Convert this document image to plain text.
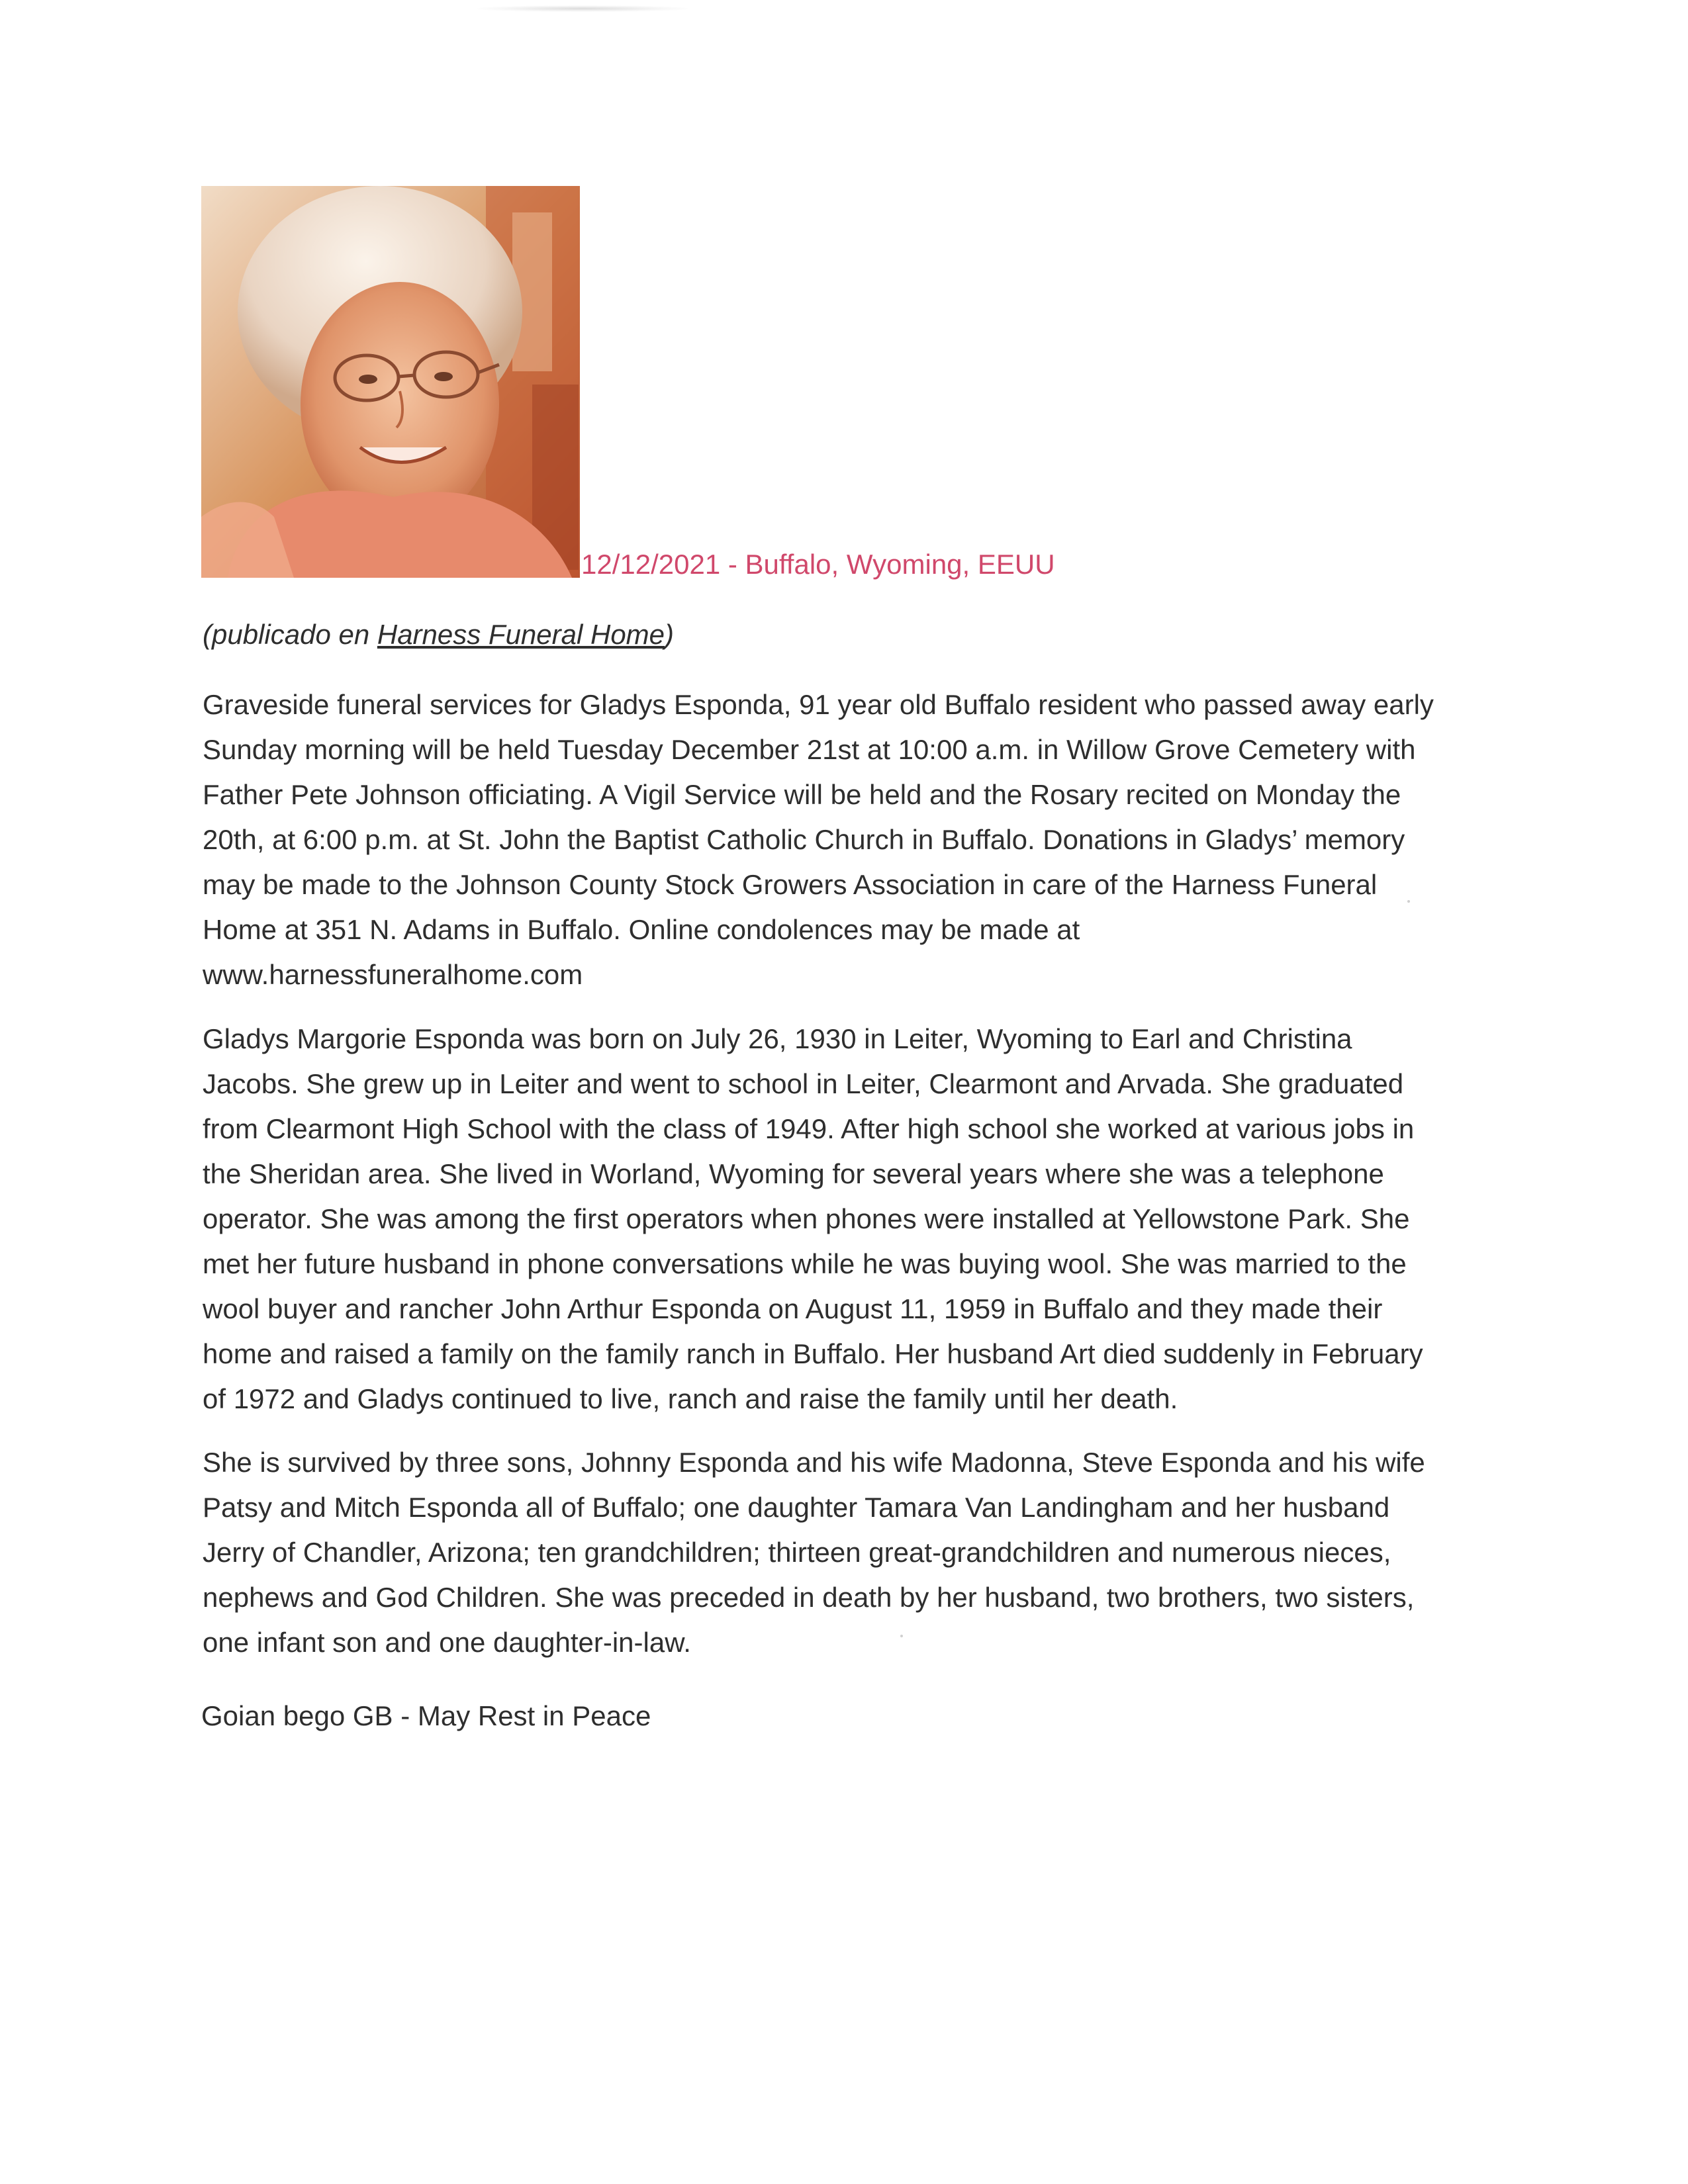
12/12/2021 - Buffalo, Wyoming, EEUU
(publicado en Harness Funeral Home)
Graveside funeral services for Gladys Esponda, 91 year old Buffalo resident who passed away early
Sunday morning will be held Tuesday December 21st at 10:00 a.m. in Willow Grove Cemetery with
Father Pete Johnson officiating. A Vigil Service will be held and the Rosary recited on Monday the
20th, at 6:00 p.m. at St. John the Baptist Catholic Church in Buffalo. Donations in Gladys’ memory
may be made to the Johnson County Stock Growers Association in care of the Harness Funeral
Home at 351 N. Adams in Buffalo. Online condolences may be made at
www.harnessfuneralhome.com
Gladys Margorie Esponda was born on July 26, 1930 in Leiter, Wyoming to Earl and Christina
Jacobs. She grew up in Leiter and went to school in Leiter, Clearmont and Arvada. She graduated
from Clearmont High School with the class of 1949. After high school she worked at various jobs in
the Sheridan area. She lived in Worland, Wyoming for several years where she was a telephone
operator. She was among the first operators when phones were installed at Yellowstone Park. She
met her future husband in phone conversations while he was buying wool. She was married to the
wool buyer and rancher John Arthur Esponda on August 11, 1959 in Buffalo and they made their
home and raised a family on the family ranch in Buffalo. Her husband Art died suddenly in February
of 1972 and Gladys continued to live, ranch and raise the family until her death.
She is survived by three sons, Johnny Esponda and his wife Madonna, Steve Esponda and his wife
Patsy and Mitch Esponda all of Buffalo; one daughter Tamara Van Landingham and her husband
Jerry of Chandler, Arizona; ten grandchildren; thirteen great-grandchildren and numerous nieces,
nephews and God Children. She was preceded in death by her husband, two brothers, two sisters,
one infant son and one daughter-in-law.
Goian bego GB - May Rest in Peace
